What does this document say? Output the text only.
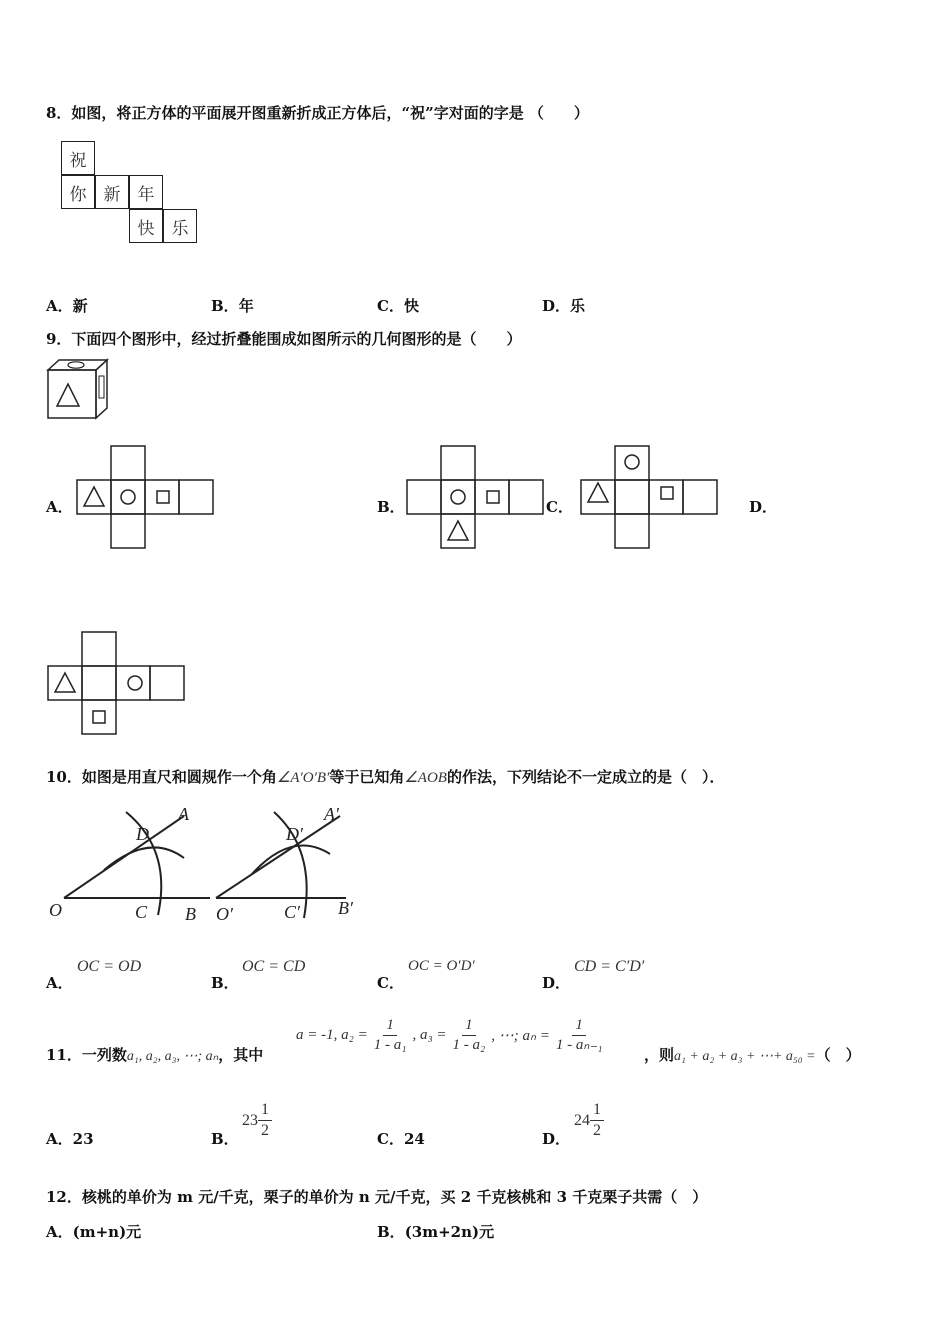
8．如图，将正方体的平面展开图重新折成正方体后，“祝”字对面的字是 （　　）
祝
你	新	年
快	乐
A．新	B．年	C．快	D．乐
9．下面四个图形中，经过折叠能围成如图所示的几何图形的是（　　）
A．	B．	C．	D．
10．如图是用直尺和圆规作一个角∠A′O′B′等于已知角∠AOB的作法，下列结论不一定成立的是（　）．
A
D
O	C B
A′
D′
O′	C′ B′
A．
OC = OD
B．
OC = CD
C．
OC = O′D′
D．
CD = C′D′
11．一列数a₁, a₂, a₃, ⋯; aₙ，其中
a = -1, $a_2 = \frac{1}{\text{1 - a₁}}$ , $a_3 = \frac{1}{\text{1 - a₂}}$ , ⋯; $a_n = \frac{1}{\text{1 - aₙ₋₁}}$
，则a₁ + a₂ + a₃ + ⋯+ a₅₀ =（　）
A．23	B．
$23 \frac{1}{2}$	C．24	D．
$24 \frac{1}{2}$
12．核桃的单价为 m 元/千克，栗子的单价为 n 元/千克，买 2 千克核桃和 3 千克栗子共需（　）
A．(m+n)元	B．(3m+2n)元
